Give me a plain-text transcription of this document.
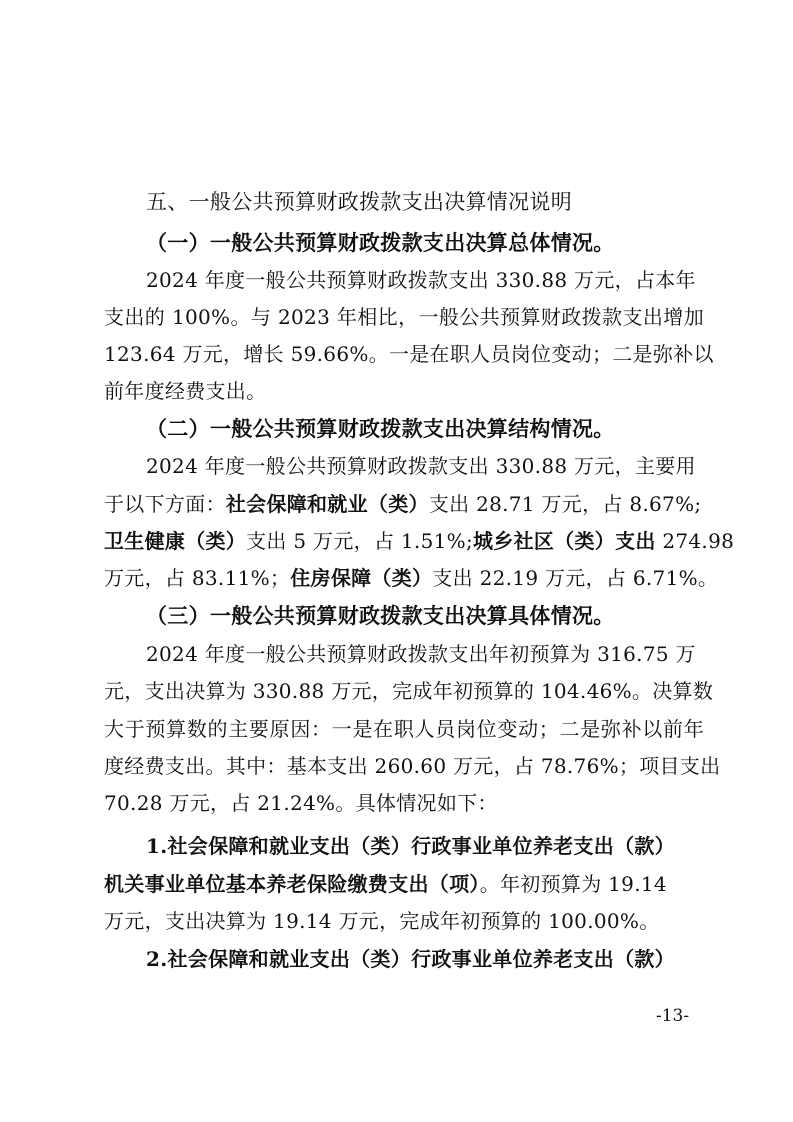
五、一般公共预算财政拨款支出决算情况说明
（一）一般公共预算财政拨款支出决算总体情况。
2024 年度一般公共预算财政拨款支出 330.88 万元，占本年
支出的 100%。与 2023 年相比，一般公共预算财政拨款支出增加
123.64 万元，增长 59.66%。一是在职人员岗位变动；二是弥补以
前年度经费支出。
（二）一般公共预算财政拨款支出决算结构情况。
2024 年度一般公共预算财政拨款支出 330.88 万元，主要用
于以下方面：社会保障和就业（类）支出 28.71 万元，占 8.67%;
卫生健康（类）支出 5 万元，占 1.51%;城乡社区（类）支出 274.98
万元，占 83.11%；住房保障（类）支出 22.19 万元，占 6.71%。
（三）一般公共预算财政拨款支出决算具体情况。
2024 年度一般公共预算财政拨款支出年初预算为 316.75 万
元，支出决算为 330.88 万元，完成年初预算的 104.46%。决算数
大于预算数的主要原因：一是在职人员岗位变动；二是弥补以前年
度经费支出。其中：基本支出 260.60 万元，占 78.76%；项目支出
70.28 万元，占 21.24%。具体情况如下：
1.社会保障和就业支出（类）行政事业单位养老支出（款）
机关事业单位基本养老保险缴费支出（项）。年初预算为 19.14
万元，支出决算为 19.14 万元，完成年初预算的 100.00%。
2.社会保障和就业支出（类）行政事业单位养老支出（款）
-13-
